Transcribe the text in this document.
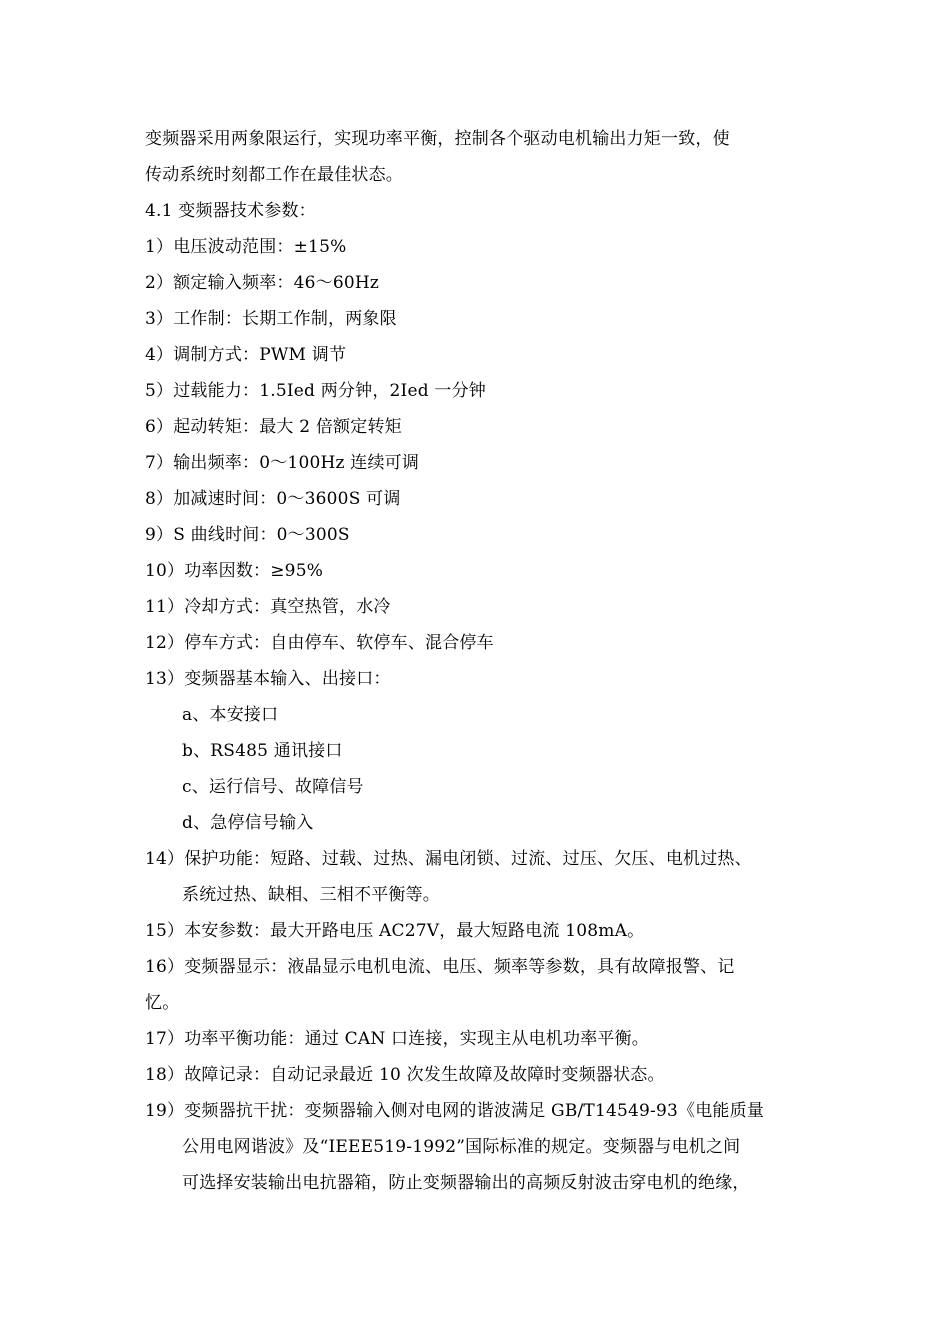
变频器采用两象限运行，实现功率平衡，控制各个驱动电机输出力矩一致，使
传动系统时刻都工作在最佳状态。
4.1 变频器技术参数：
1）电压波动范围：±15%
2）额定输入频率：46～60Hz
3）工作制：长期工作制，两象限
4）调制方式：PWM 调节
5）过载能力：1.5Ied 两分钟，2Ied 一分钟
6）起动转矩：最大 2 倍额定转矩
7）输出频率：0～100Hz 连续可调
8）加减速时间：0～3600S 可调
9）S 曲线时间：0～300S
10）功率因数：≥95%
11）冷却方式：真空热管，水冷
12）停车方式：自由停车、软停车、混合停车
13）变频器基本输入、出接口：
a、本安接口
b、RS485 通讯接口
c、运行信号、故障信号
d、急停信号输入
14）保护功能：短路、过载、过热、漏电闭锁、过流、过压、欠压、电机过热、
系统过热、缺相、三相不平衡等。
15）本安参数：最大开路电压 AC27V，最大短路电流 108mA。
16）变频器显示：液晶显示电机电流、电压、频率等参数，具有故障报警、记
忆。
17）功率平衡功能：通过 CAN 口连接，实现主从电机功率平衡。
18）故障记录：自动记录最近 10 次发生故障及故障时变频器状态。
19）变频器抗干扰：变频器输入侧对电网的谐波满足 GB/T14549-93《电能质量
公用电网谐波》及“IEEE519-1992”国际标准的规定。变频器与电机之间
可选择安装输出电抗器箱，防止变频器输出的高频反射波击穿电机的绝缘，
